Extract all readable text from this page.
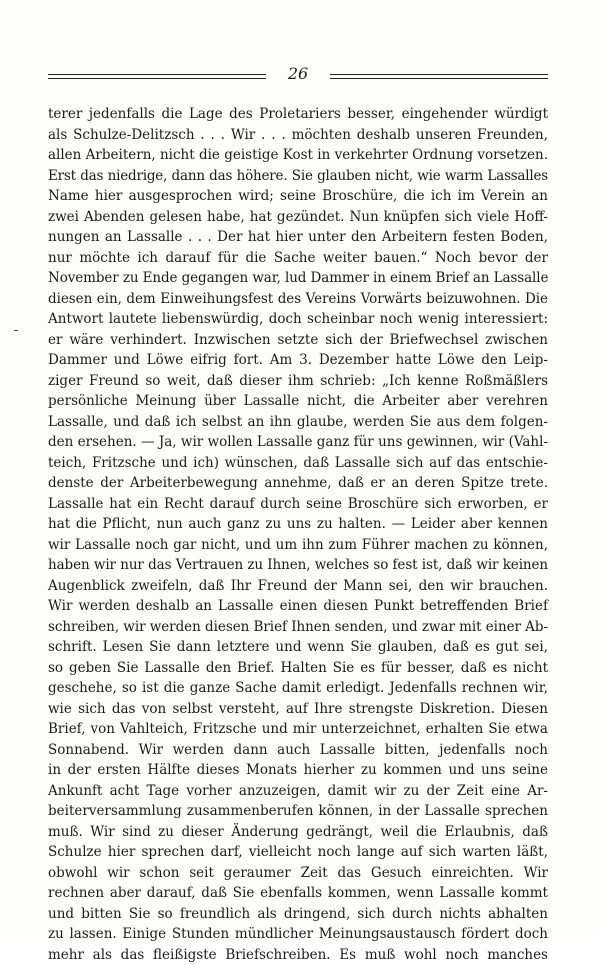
26
terer jedenfalls die Lage des Proletariers besser, eingehender würdigt
als Schulze-Delitzsch . . . Wir . . . möchten deshalb unseren Freunden,
allen Arbeitern, nicht die geistige Kost in verkehrter Ordnung vorsetzen.
Erst das niedrige, dann das höhere. Sie glauben nicht, wie warm Lassalles
Name hier ausgesprochen wird; seine Broschüre, die ich im Verein an
zwei Abenden gelesen habe, hat gezündet. Nun knüpfen sich viele Hoff-
nungen an Lassalle . . . Der hat hier unter den Arbeitern festen Boden,
nur möchte ich darauf für die Sache weiter bauen.“ Noch bevor der
November zu Ende gegangen war, lud Dammer in einem Brief an Lassalle
diesen ein, dem Einweihungsfest des Vereins Vorwärts beizuwohnen. Die
Antwort lautete liebenswürdig, doch scheinbar noch wenig interessiert:
er wäre verhindert. Inzwischen setzte sich der Briefwechsel zwischen
Dammer und Löwe eifrig fort. Am 3. Dezember hatte Löwe den Leip-
ziger Freund so weit, daß dieser ihm schrieb: „Ich kenne Roßmäßlers
persönliche Meinung über Lassalle nicht, die Arbeiter aber verehren
Lassalle, und daß ich selbst an ihn glaube, werden Sie aus dem folgen-
den ersehen. — Ja, wir wollen Lassalle ganz für uns gewinnen, wir (Vahl-
teich, Fritzsche und ich) wünschen, daß Lassalle sich auf das entschie-
denste der Arbeiterbewegung annehme, daß er an deren Spitze trete.
Lassalle hat ein Recht darauf durch seine Broschüre sich erworben, er
hat die Pflicht, nun auch ganz zu uns zu halten. — Leider aber kennen
wir Lassalle noch gar nicht, und um ihn zum Führer machen zu können,
haben wir nur das Vertrauen zu Ihnen, welches so fest ist, daß wir keinen
Augenblick zweifeln, daß Ihr Freund der Mann sei, den wir brauchen.
Wir werden deshalb an Lassalle einen diesen Punkt betreffenden Brief
schreiben, wir werden diesen Brief Ihnen senden, und zwar mit einer Ab-
schrift. Lesen Sie dann letztere und wenn Sie glauben, daß es gut sei,
so geben Sie Lassalle den Brief. Halten Sie es für besser, daß es nicht
geschehe, so ist die ganze Sache damit erledigt. Jedenfalls rechnen wir,
wie sich das von selbst versteht, auf Ihre strengste Diskretion. Diesen
Brief, von Vahlteich, Fritzsche und mir unterzeichnet, erhalten Sie etwa
Sonnabend. Wir werden dann auch Lassalle bitten, jedenfalls noch
in der ersten Hälfte dieses Monats hierher zu kommen und uns seine
Ankunft acht Tage vorher anzuzeigen, damit wir zu der Zeit eine Ar-
beiterversammlung zusammenberufen können, in der Lassalle sprechen
muß. Wir sind zu dieser Änderung gedrängt, weil die Erlaubnis, daß
Schulze hier sprechen darf, vielleicht noch lange auf sich warten läßt,
obwohl wir schon seit geraumer Zeit das Gesuch einreichten. Wir
rechnen aber darauf, daß Sie ebenfalls kommen, wenn Lassalle kommt
und bitten Sie so freundlich als dringend, sich durch nichts abhalten
zu lassen. Einige Stunden mündlicher Meinungsaustausch fördert doch
mehr als das fleißigste Briefschreiben. Es muß wohl noch manches
